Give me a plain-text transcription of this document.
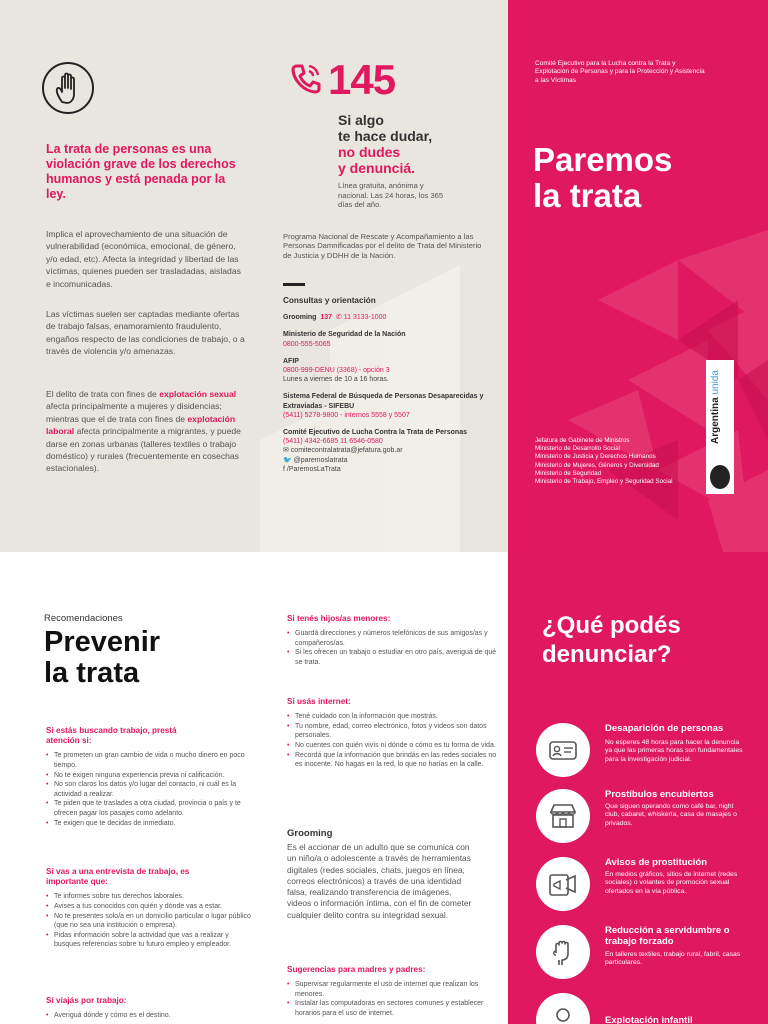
La trata de personas es una violación grave de los derechos humanos y está penada por la ley.

Implica el aprovechamiento de una situación de vulnerabilidad (económica, emocional, de género, y/o edad, etc). Afecta la integridad y libertad de las víctimas, quienes pueden ser trasladadas, aisladas e incomunicadas.

Las víctimas suelen ser captadas mediante ofertas de trabajo falsas, enamoramiento fraudulento, engaños respecto de las condiciones de trabajo, o a través de violencia y/o amenazas.

El delito de trata con fines de explotación sexual afecta principalmente a mujeres y disidencias; mientras que el de trata con fines de explotación laboral afecta principalmente a migrantes, y puede darse en zonas urbanas (talleres textiles o trabajo doméstico) y rurales (frecuentemente en cosechas estacionales).

145
Si algo
te hace dudar,
no dudes
y denunciá.
Línea gratuita, anónima y nacional. Las 24 horas, los 365 días del año.
Programa Nacional de Rescate y Acompañamiento a las Personas Damnificadas por el delito de Trata del Ministerio de Justicia y DDHH de la Nación.
Consultas y orientación
Grooming 137 ✆ 11 3133-1000
Ministerio de Seguridad de la Nación
0800-555-5065
AFIP
0800-999-DENU (3368) - opción 3
Lunes a viernes de 10 a 16 horas.
Sistema Federal de Búsqueda de Personas Desaparecidas y Extraviadas - SIFEBU
(5411) 5278-9800 - internos 5558 y 5507
Comité Ejecutivo de Lucha Contra la Trata de Personas
(5411) 4342-6685 11 6546-0580
✉ comitecontralatrata@jefatura.gob.ar
🐦 @paremoslatrata
f /ParemosLaTrata
Comité Ejecutivo para la Lucha contra la Trata y Explotación de Personas y para la Protección y Asistencia a las Víctimas
Paremos
la trata
Jefatura de Gabinete de Ministros
Ministerio de Desarrollo Social
Ministerio de Justicia y Derechos Humanos
Ministerio de Mujeres, Géneros y Diversidad
Ministerio de Seguridad
Ministerio de Trabajo, Empleo y Seguridad Social
Argentina unida
Recomendaciones
Prevenir
la trata
Si estás buscando trabajo, prestá atención si:
• Te prometen un gran cambio de vida o mucho dinero en poco tiempo.
• No te exigen ninguna experiencia previa ni calificación.
• No son claros los datos y/o lugar del contacto, ni cuál es la actividad a realizar.
• Te piden que te traslades a otra ciudad, provincia o país y te ofrecen pagar los pasajes como adelanto.
• Te exigen que te decidas de inmediato.
Si vas a una entrevista de trabajo, es importante que:
• Te informes sobre tus derechos laborales.
• Avises a tus conocidos con quién y dónde vas a estar.
• No te presentes solo/a en un domicilio particular o lugar público (que no sea una institución o empresa).
• Pidas información sobre la actividad que vas a realizar y busques referencias sobre tu futuro empleo y empleador.
Si viajás por trabajo:
• Averiguá dónde y cómo es el destino.
Si tenés hijos/as menores:
• Guardá direcciones y números telefónicos de sus amigos/as y compañeros/as.
• Si les ofrecen un trabajo o estudiar en otro país, averiguá de qué se trata.
Si usás internet:
• Tené cuidado con la información que mostrás.
• Tu nombre, edad, correo electrónico, fotos y videos son datos personales.
• No cuentes con quién vivís ni dónde o cómo es tu forma de vida.
• Recordá que la información que brindás en las redes sociales no es inocente. No hagas en la red, lo que no harías en la calle.
Grooming
Es el accionar de un adulto que se comunica con un niño/a o adolescente a través de herramientas digitales (redes sociales, chats, juegos en línea, correos electrónicos) a través de una identidad falsa, realizando transferencia de imágenes, videos o información íntima, con el fin de cometer cualquier delito contra su integridad sexual.
Sugerencias para madres y padres:
• Supervisar regularmente el uso de internet que realizan los menores.
• Instalar las computadoras en sectores comunes y establecer horarios para el uso de internet.
¿Qué podés
denunciar?
Desaparición de personas
No esperes 48 horas para hacer la denuncia ya que las primeras horas son fundamentales para la investigación judicial.
Prostíbulos encubiertos
Que siguen operando como café bar, night club, cabaret, whiskería, casa de masajes o privados.
Avisos de prostitución
En medios gráficos, sitios de internet (redes sociales) o volantes de promoción sexual ofertados en la vía pública.
Reducción a servidumbre o trabajo forzado
En talleres textiles, trabajo rural, fabril, casas particulares.
Explotación infantil
